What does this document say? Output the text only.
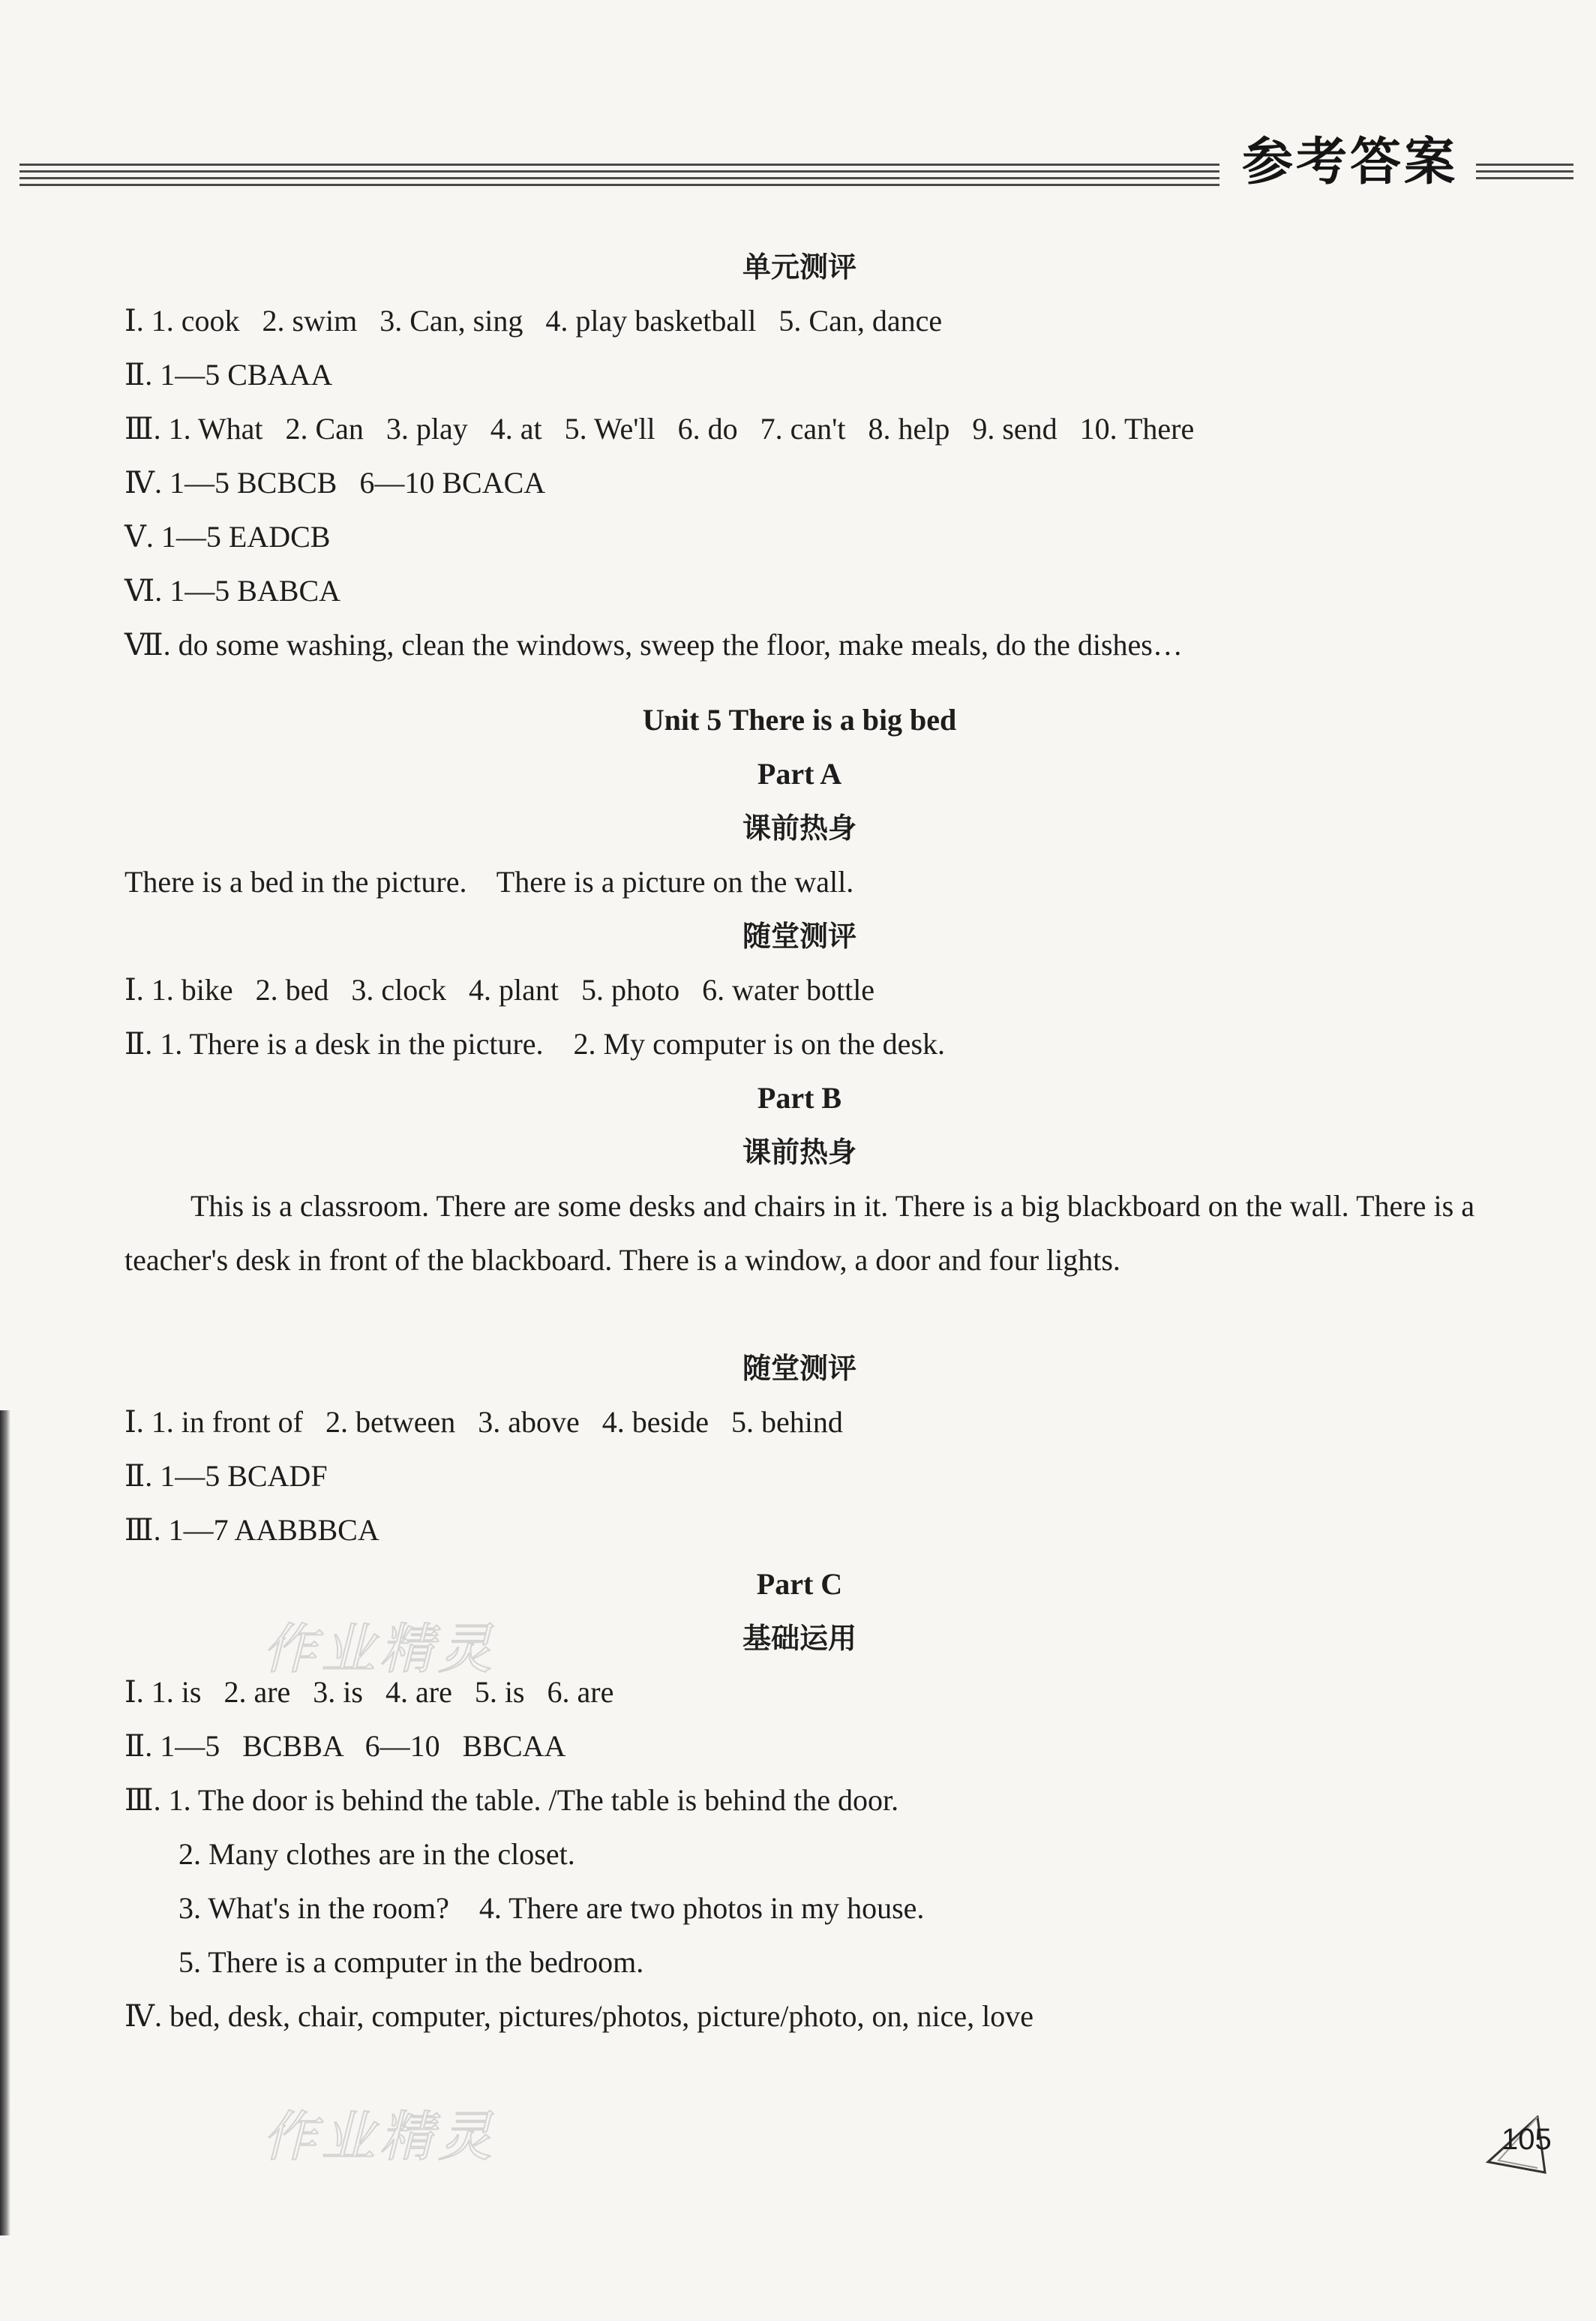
参考答案
单元测评
Ⅰ. 1. cook   2. swim   3. Can, sing   4. play basketball   5. Can, dance
Ⅱ. 1—5 CBAAA
Ⅲ. 1. What   2. Can   3. play   4. at   5. We'll   6. do   7. can't   8. help   9. send   10. There
Ⅳ. 1—5 BCBCB   6—10 BCACA
Ⅴ. 1—5 EADCB
Ⅵ. 1—5 BABCA
Ⅶ. do some washing, clean the windows, sweep the floor, make meals, do the dishes…
Unit 5 There is a big bed
Part A
课前热身
There is a bed in the picture.    There is a picture on the wall.
随堂测评
Ⅰ. 1. bike   2. bed   3. clock   4. plant   5. photo   6. water bottle
Ⅱ. 1. There is a desk in the picture.    2. My computer is on the desk.
Part B
课前热身
This is a classroom. There are some desks and chairs in it. There is a big blackboard on the wall. There is a teacher's desk in front of the blackboard. There is a window, a door and four lights.
随堂测评
Ⅰ. 1. in front of   2. between   3. above   4. beside   5. behind
Ⅱ. 1—5 BCADF
Ⅲ. 1—7 AABBBCA
Part C
基础运用
Ⅰ. 1. is   2. are   3. is   4. are   5. is   6. are
Ⅱ. 1—5   BCBBA   6—10   BBCAA
Ⅲ. 1. The door is behind the table. /The table is behind the door.
2. Many clothes are in the closet.
3. What's in the room?    4. There are two photos in my house.
5. There is a computer in the bedroom.
Ⅳ. bed, desk, chair, computer, pictures/photos, picture/photo, on, nice, love
作业精灵
作业精灵	105
